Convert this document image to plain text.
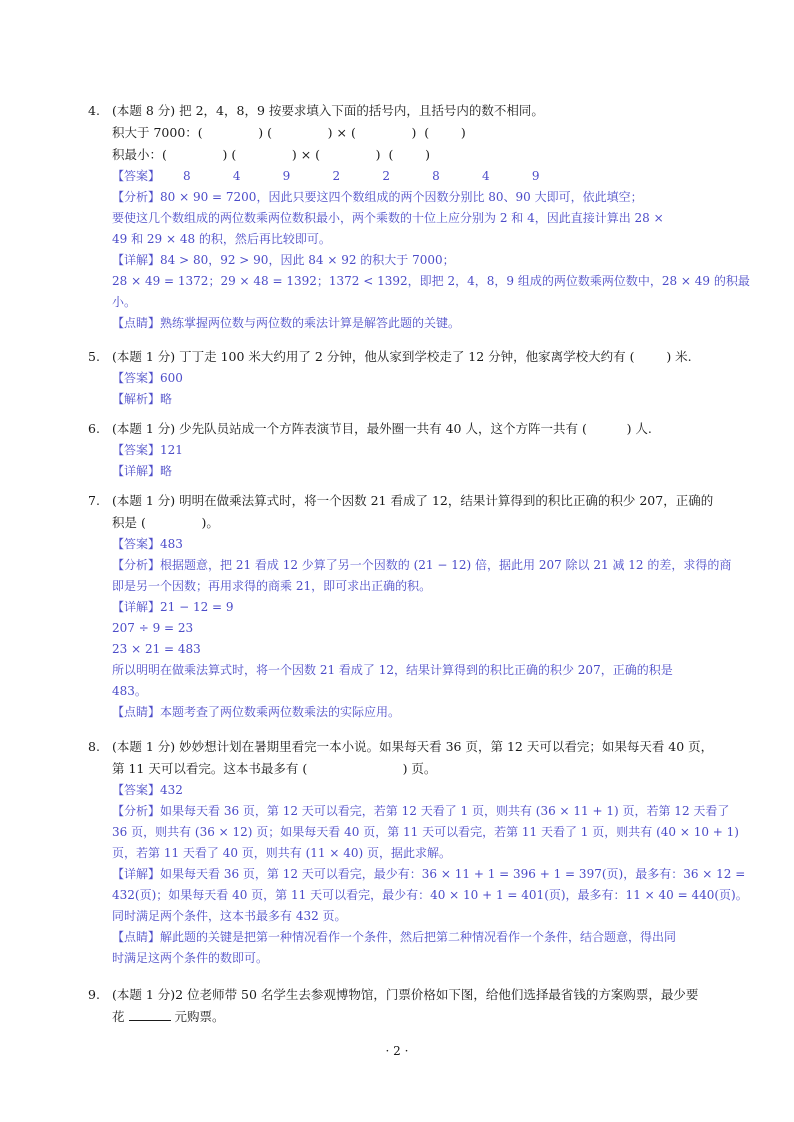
4. (本题 8 分) 把 2，4，8，9 按要求填入下面的括号内，且括号内的数不相同。
积大于 7000：(              ) (              ) × (              )  (        )
积最小：(              ) (              ) × (              )  (        )
【答案】 8	4	9	2	2	8	4	9
【分析】80 × 90 = 7200，因此只要这四个数组成的两个因数分别比 80、90 大即可，依此填空；
要使这几个数组成的两位数乘两位数积最小，两个乘数的十位上应分别为 2 和 4，因此直接计算出 28 ×
49 和 29 × 48 的积，然后再比较即可。
【详解】84 > 80，92 > 90，因此 84 × 92 的积大于 7000；
28 × 49 = 1372；29 × 48 = 1392；1372 < 1392，即把 2，4，8，9 组成的两位数乘两位数中，28 × 49 的积最
小。
【点睛】熟练掌握两位数与两位数的乘法计算是解答此题的关键。
5. (本题 1 分) 丁丁走 100 米大约用了 2 分钟，他从家到学校走了 12 分钟，他家离学校大约有 (        ) 米.
【答案】600
【解析】略
6. (本题 1 分) 少先队员站成一个方阵表演节目，最外圈一共有 40 人，这个方阵一共有 (          ) 人.
【答案】121
【详解】略
7. (本题 1 分) 明明在做乘法算式时，将一个因数 21 看成了 12，结果计算得到的积比正确的积少 207，正确的
积是 (              )。
【答案】483
【分析】根据题意，把 21 看成 12 少算了另一个因数的 (21 − 12) 倍，据此用 207 除以 21 减 12 的差，求得的商
即是另一个因数；再用求得的商乘 21，即可求出正确的积。
【详解】21 − 12 = 9
207 ÷ 9 = 23
23 × 21 = 483
所以明明在做乘法算式时，将一个因数 21 看成了 12，结果计算得到的积比正确的积少 207，正确的积是
483。
【点睛】本题考查了两位数乘两位数乘法的实际应用。
8. (本题 1 分) 妙妙想计划在暑期里看完一本小说。如果每天看 36 页，第 12 天可以看完；如果每天看 40 页，
第 11 天可以看完。这本书最多有 (                        ) 页。
【答案】432
【分析】如果每天看 36 页，第 12 天可以看完，若第 12 天看了 1 页，则共有 (36 × 11 + 1) 页，若第 12 天看了
36 页，则共有 (36 × 12) 页；如果每天看 40 页，第 11 天可以看完，若第 11 天看了 1 页，则共有 (40 × 10 + 1)
页，若第 11 天看了 40 页，则共有 (11 × 40) 页，据此求解。
【详解】如果每天看 36 页，第 12 天可以看完，最少有：36 × 11 + 1 = 396 + 1 = 397(页)，最多有：36 × 12 =
432(页)；如果每天看 40 页，第 11 天可以看完，最少有：40 × 10 + 1 = 401(页)，最多有：11 × 40 = 440(页)。
同时满足两个条件，这本书最多有 432 页。
【点睛】解此题的关键是把第一种情况看作一个条件，然后把第二种情况看作一个条件，结合题意，得出同
时满足这两个条件的数即可。
9. (本题 1 分)2 位老师带 50 名学生去参观博物馆，门票价格如下图，给他们选择最省钱的方案购票，最少要
花	元购票。
· 2 ·
